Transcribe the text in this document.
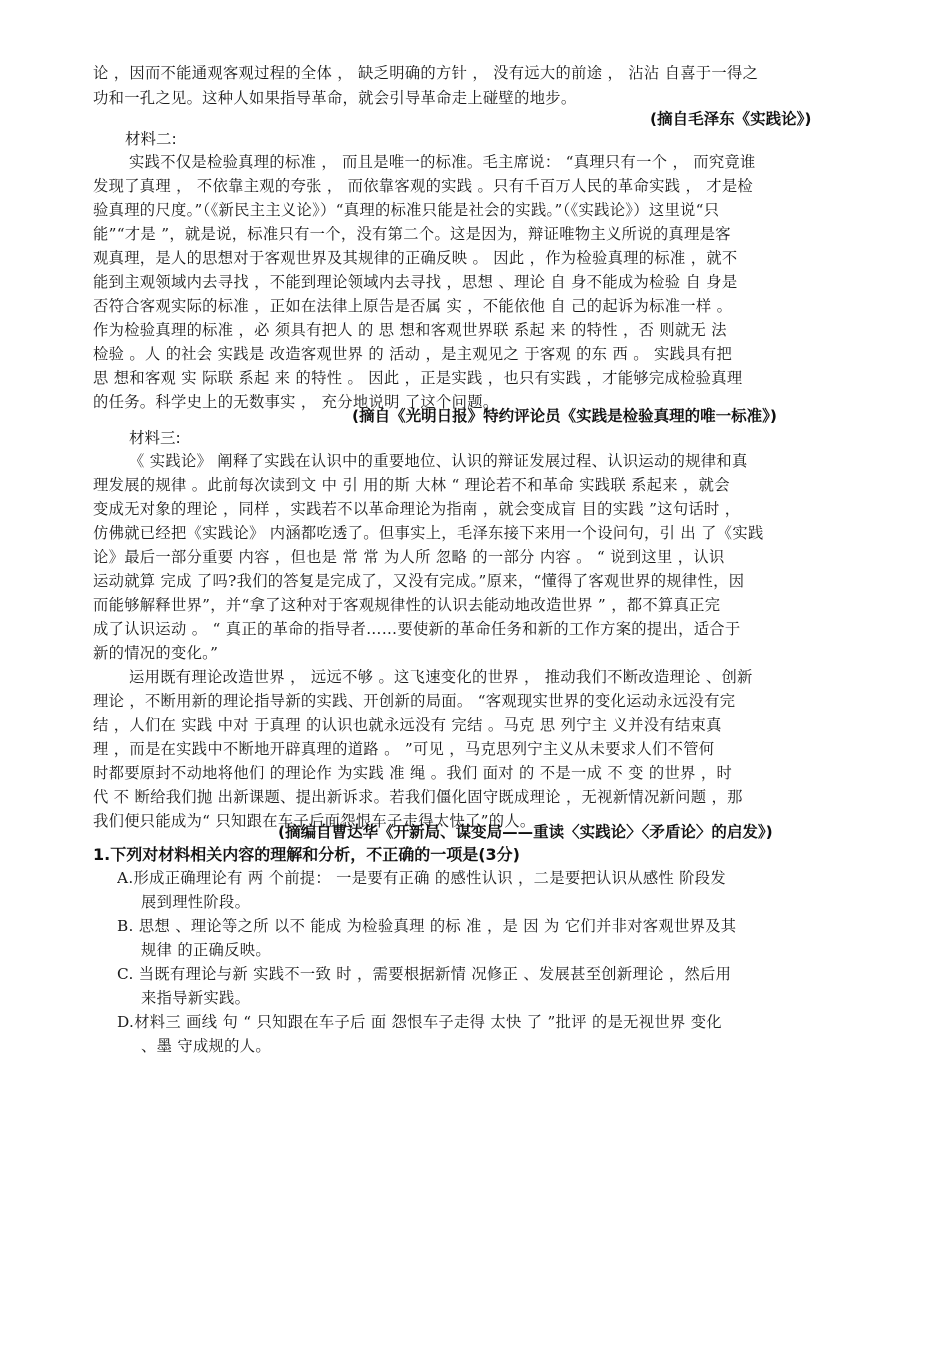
论 ，因而不能通观客观过程的全体 ， 缺乏明确的方针 ， 没有远大的前途 ， 沾沾 自喜于一得之
功和一孔之见。这种人如果指导革命，就会引导革命走上碰壁的地步。
(摘自毛泽东《实践论》)
材料二:
实践不仅是检验真理的标准 ， 而且是唯一的标准。毛主席说： “真理只有一个 ， 而究竟谁
发现了真理 ， 不依靠主观的夸张 ， 而依靠客观的实践 。只有千百万人民的革命实践 ， 才是检
验真理的尺度。”（《新民主主义论》）“真理的标准只能是社会的实践。”（《实践论》）这里说“只
能”“才是 ”，就是说，标准只有一个，没有第二个。这是因为，辩证唯物主义所说的真理是客
观真理，是人的思想对于客观世界及其规律的正确反映 。 因此 ，作为检验真理的标准 ，就不
能到主观领域内去寻找 ，不能到理论领域内去寻找 ，思想 、理论 自 身不能成为检验 自 身是
否符合客观实际的标准 ，正如在法律上原告是否属 实 ，不能依他 自 己的起诉为标准一样 。
作为检验真理的标准 ，必 须具有把人 的 思 想和客观世界联 系起 来 的特性 ，否 则就无 法
检验 。人 的社会 实践是 改造客观世界 的 活动 ，是主观见之 于客观 的东 西 。 实践具有把
思 想和客观 实 际联 系起 来 的特性 。 因此 ，正是实践 ，也只有实践 ，才能够完成检验真理
的任务。科学史上的无数事实 ， 充分地说明 了这个问题。
(摘自《光明日报》特约评论员《实践是检验真理的唯一标准》)
材料三:
《 实践论》 阐释了实践在认识中的重要地位、认识的辩证发展过程、认识运动的规律和真
理发展的规律 。此前每次读到文 中 引 用的斯 大林 “ 理论若不和革命 实践联 系起来 ，就会
变成无对象的理论 ，同样 ，实践若不以革命理论为指南 ，就会变成盲 目的实践 ”这句话时 ，
仿佛就已经把《实践论》 内涵都吃透了。但事实上，毛泽东接下来用一个设问句，引 出 了《实践
论》最后一部分重要 内容 ，但也是 常 常 为人所 忽略 的一部分 内容 。 “ 说到这里 ，认识
运动就算 完成 了吗?我们的答复是完成了，又没有完成。”原来，“懂得了客观世界的规律性，因
而能够解释世界”，并“拿了这种对于客观规律性的认识去能动地改造世界 ” ，都不算真正完
成了认识运动 。 “ 真正的革命的指导者……要使新的革命任务和新的工作方案的提出，适合于
新的情况的变化。”
运用既有理论改造世界 ， 远远不够 。这飞速变化的世界 ， 推动我们不断改造理论 、创新
理论 ，不断用新的理论指导新的实践、开创新的局面。 “客观现实世界的变化运动永远没有完
结 ，人们在 实践 中对 于真理 的认识也就永远没有 完结 。马克 思 列宁主 义并没有结束真
理 ，而是在实践中不断地开辟真理的道路 。 ”可见 ，马克思列宁主义从未要求人们不管何
时都要原封不动地将他们 的理论作 为实践 准 绳 。我们 面对 的 不是一成 不 变 的世界 ，时
代 不 断给我们抛 出新课题、提出新诉求。若我们僵化固守既成理论 ，无视新情况新问题 ，那
我们便只能成为“ 只知跟在车子后面怨恨车子走得太快了”的人。
(摘编自曹达华《开新局、谋变局——重读〈实践论〉〈矛盾论〉的启发》)
1.下列对材料相关内容的理解和分析，不正确的一项是(3分)
A.形成正确理论有 两 个前提： 一是要有正确 的感性认识 ，二是要把认识从感性 阶段发
展到理性阶段。
B. 思想 、理论等之所 以不 能成 为检验真理 的标 准 ，是 因 为 它们并非对客观世界及其
规律 的正确反映。
C. 当既有理论与新 实践不一致 时 ，需要根据新情 况修正 、发展甚至创新理论 ，然后用
来指导新实践。
D.材料三 画线 句 “ 只知跟在车子后 面 怨恨车子走得 太快 了 ”批评 的是无视世界 变化
、墨 守成规的人。
